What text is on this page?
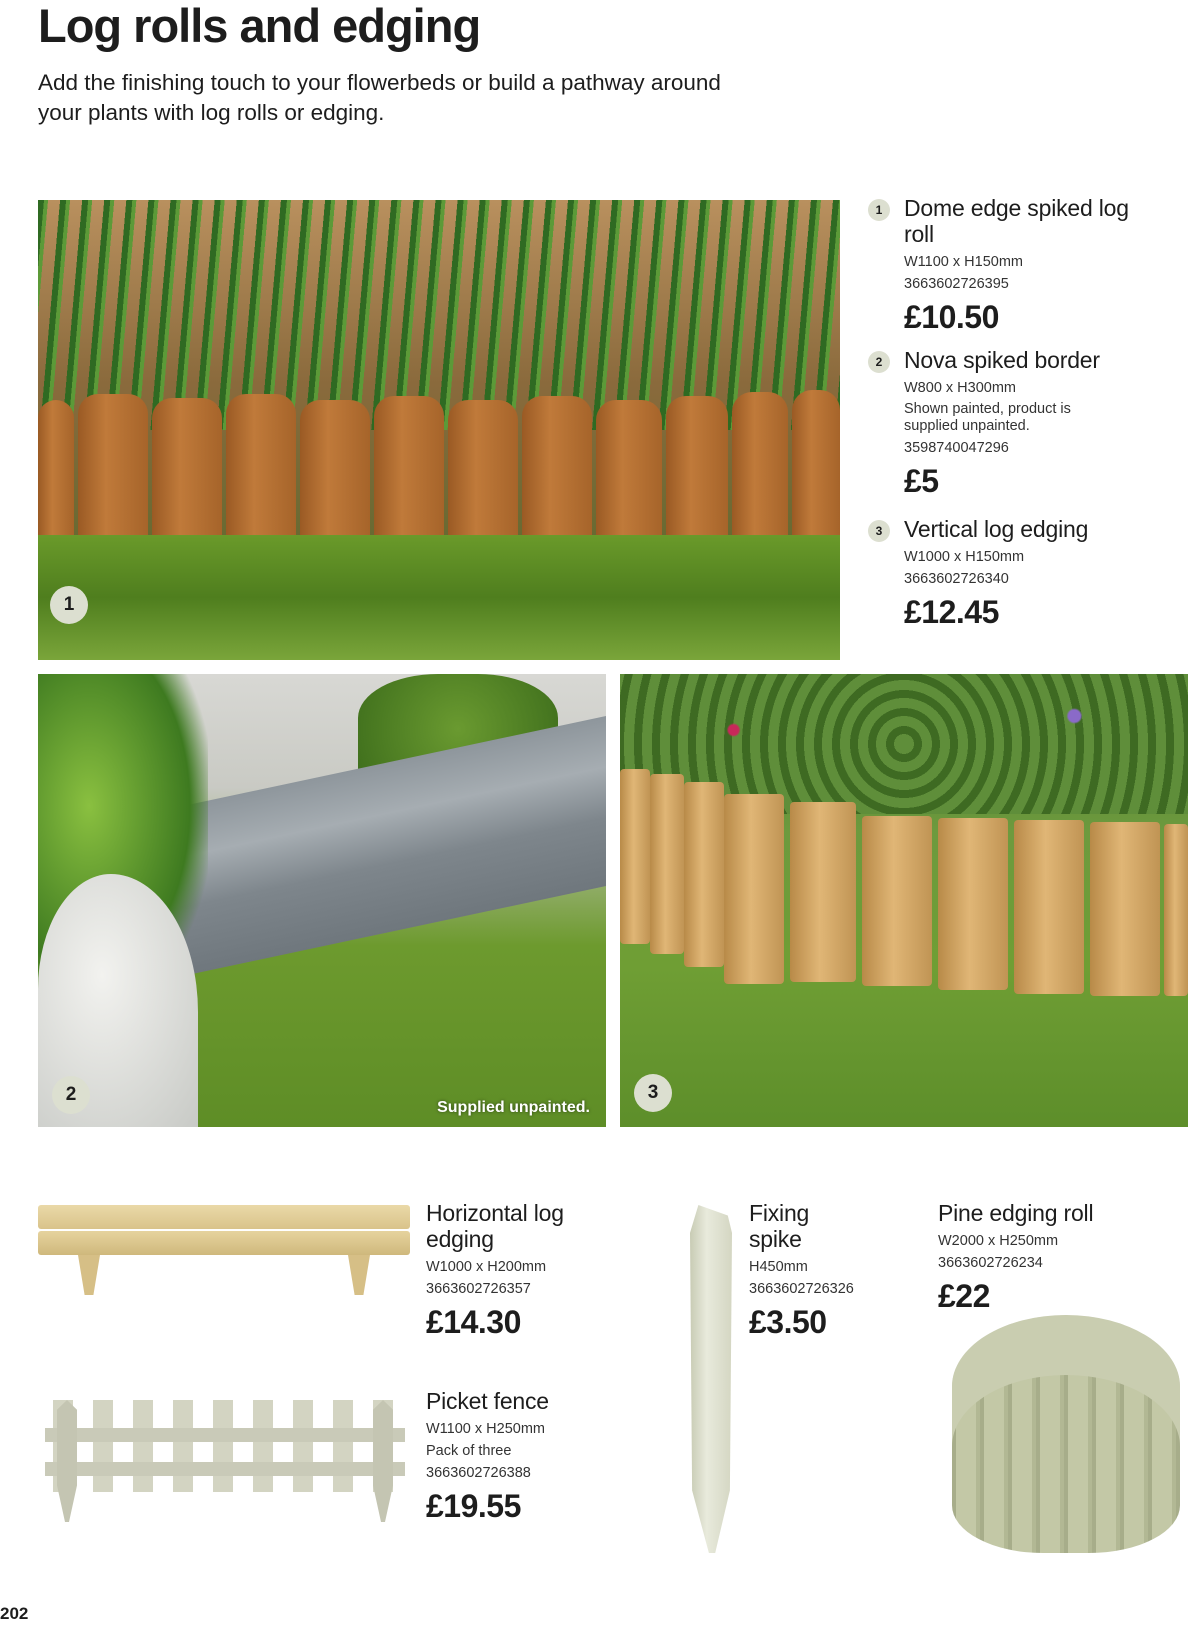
Log rolls and edging

Add the finishing touch to your flowerbeds or build a pathway around your plants with log rolls or edging.

1
1 Dome edge spiked log roll
W1100 x H150mm
3663602726395
£10.50
2 Nova spiked border
W800 x H300mm
Shown painted, product is supplied unpainted.
3598740047296
£5
3 Vertical log edging
W1000 x H150mm
3663602726340
£12.45
2
Supplied unpainted.
3
Horizontal log edging
W1000 x H200mm
3663602726357
£14.30
Picket fence
W1100 x H250mm
Pack of three
3663602726388
£19.55
Fixing spike
H450mm
3663602726326
£3.50
Pine edging roll
W2000 x H250mm
3663602726234
£22
202
